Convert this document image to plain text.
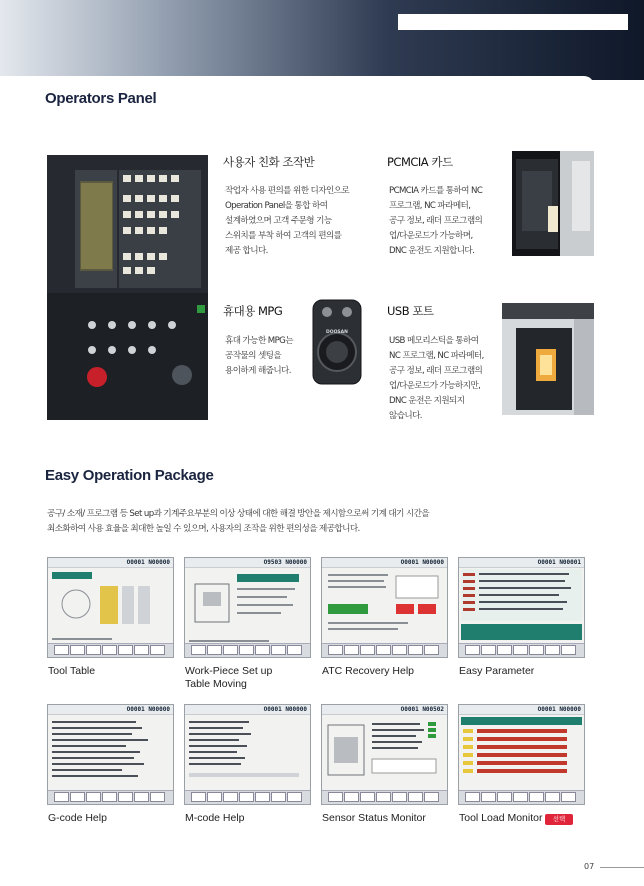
Operators Panel
사용자 친화 조작반
작업자 사용 편의를 위한 디자인으로
Operation Panel을 통합 하여
설계하였으며 고객 주문형 기능
스위치를 부착 하여 고객의 편의를
제공 합니다.
PCMCIA 카드
PCMCIA 카드를 통하여 NC
프로그램, NC 파라메터,
공구 정보, 래더 프로그램의
업/다운로드가 가능하며,
DNC 운전도 지원합니다.
휴대용 MPG
휴대 가능한 MPG는
공작물의 셋팅을
용이하게 해줍니다.
USB 포트
USB 메모리스틱을 통하여
NC 프로그램, NC 파라메터,
공구 정보, 래더 프로그램의
업/다운로드가 가능하지만,
DNC 운전은 지원되지
않습니다.
DOOSAN
Easy Operation Package
공구/ 소재/ 프로그램 등 Set up과 기계주요부분의 이상 상태에 대한 해결 방안을 제시함으로써 기계 대기 시간을
최소화하여 사용 효율을 최대한 높일 수 있으며, 사용자의 조작을 위한 편의성을 제공합니다.
O0001 N00000	O9503 N00000	O0001 N00000	O0001 N00001
O0001 N00000	O0001 N00000	O0001 N00502	O0001 N00000
Tool Table	Work-Piece Set up
Table Moving
ATC Recovery Help	Easy Parameter
G-code Help	M-code Help	Sensor Status Monitor	Tool Load Monitor	선택
07
